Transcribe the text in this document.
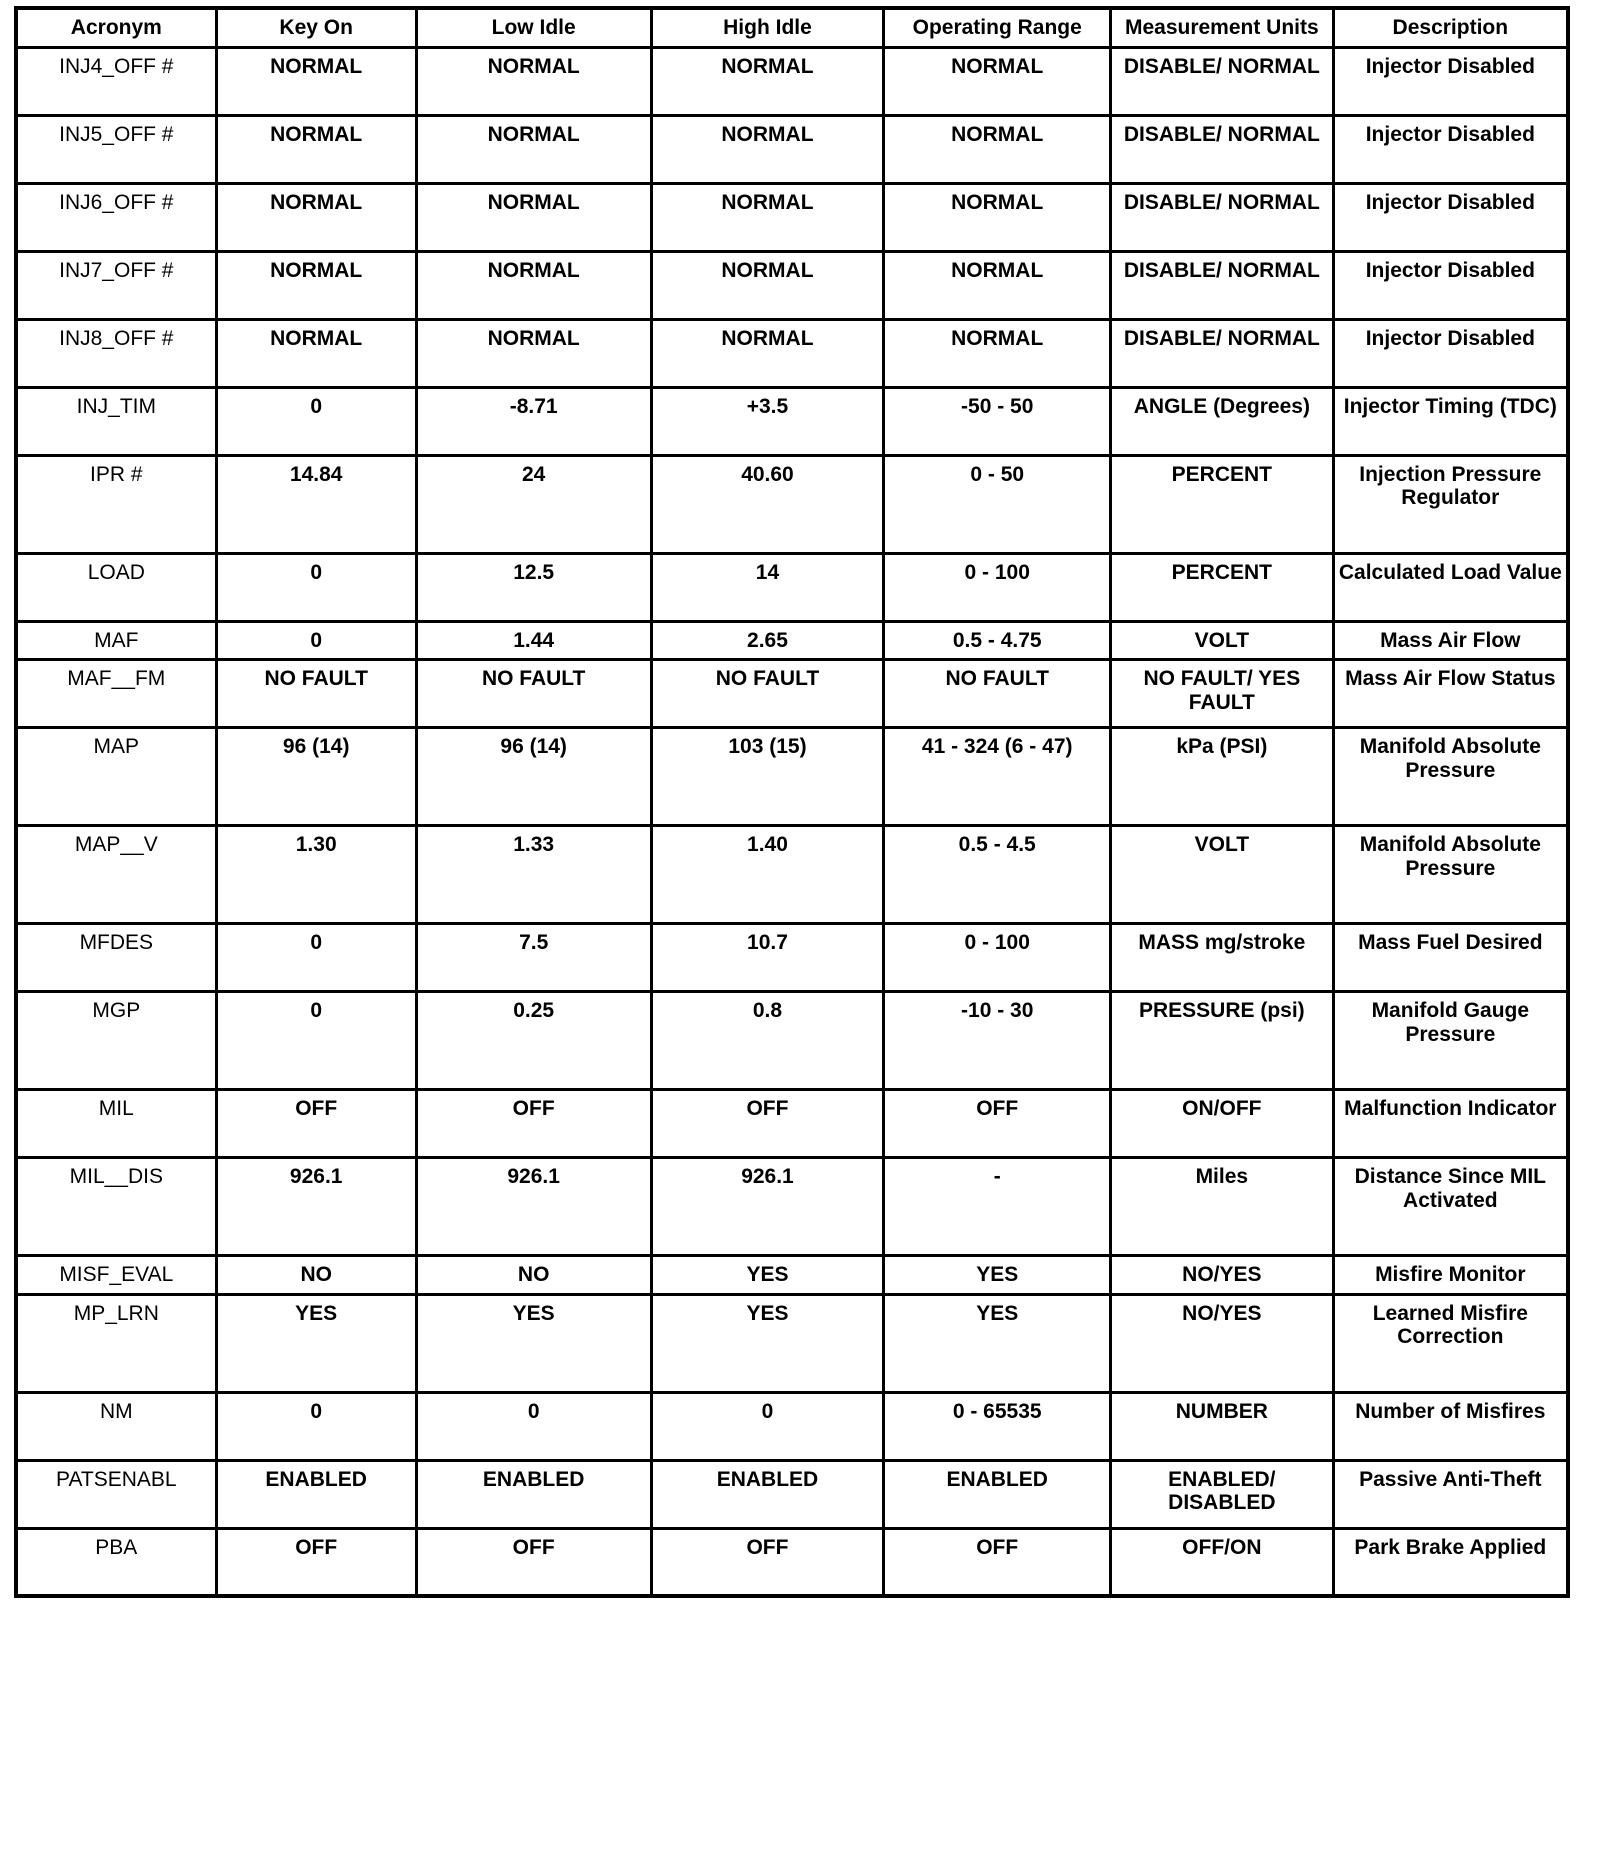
Acronym	Key On	Low Idle	High Idle	Operating Range	Measurement Units	Description
INJ4_OFF #	NORMAL	NORMAL	NORMAL	NORMAL	DISABLE/ NORMAL	Injector Disabled
INJ5_OFF #	NORMAL	NORMAL	NORMAL	NORMAL	DISABLE/ NORMAL	Injector Disabled
INJ6_OFF #	NORMAL	NORMAL	NORMAL	NORMAL	DISABLE/ NORMAL	Injector Disabled
INJ7_OFF #	NORMAL	NORMAL	NORMAL	NORMAL	DISABLE/ NORMAL	Injector Disabled
INJ8_OFF #	NORMAL	NORMAL	NORMAL	NORMAL	DISABLE/ NORMAL	Injector Disabled
INJ_TIM	0	-8.71	+3.5	-50 - 50	ANGLE (Degrees)	Injector Timing (TDC)
IPR #	14.84	24	40.60	0 - 50	PERCENT	Injection Pressure Regulator
LOAD	0	12.5	14	0 - 100	PERCENT	Calculated Load Value
MAF	0	1.44	2.65	0.5 - 4.75	VOLT	Mass Air Flow
MAF__FM	NO FAULT	NO FAULT	NO FAULT	NO FAULT	NO FAULT/ YES FAULT	Mass Air Flow Status
MAP	96 (14)	96 (14)	103 (15)	41 - 324 (6 - 47)	kPa (PSI)	Manifold Absolute Pressure
MAP__V	1.30	1.33	1.40	0.5 - 4.5	VOLT	Manifold Absolute Pressure
MFDES	0	7.5	10.7	0 - 100	MASS mg/stroke	Mass Fuel Desired
MGP	0	0.25	0.8	-10 - 30	PRESSURE (psi)	Manifold Gauge Pressure
MIL	OFF	OFF	OFF	OFF	ON/OFF	Malfunction Indicator
MIL__DIS	926.1	926.1	926.1	-	Miles	Distance Since MIL Activated
MISF_EVAL	NO	NO	YES	YES	NO/YES	Misfire Monitor
MP_LRN	YES	YES	YES	YES	NO/YES	Learned Misfire Correction
NM	0	0	0	0 - 65535	NUMBER	Number of Misfires
PATSENABL	ENABLED	ENABLED	ENABLED	ENABLED	ENABLED/ DISABLED	Passive Anti-Theft
PBA	OFF	OFF	OFF	OFF	OFF/ON	Park Brake Applied
